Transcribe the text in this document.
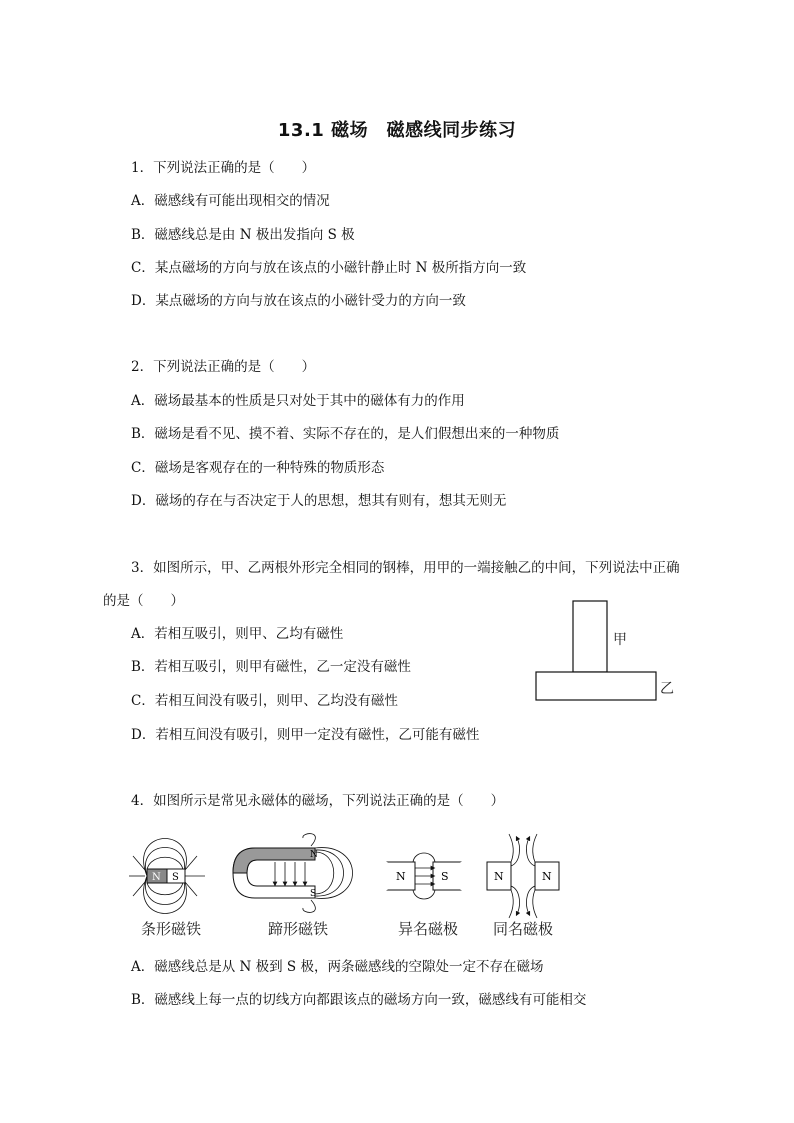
13.1 磁场　磁感线同步练习
1．下列说法正确的是（　　）
A．磁感线有可能出现相交的情况
B．磁感线总是由 N 极出发指向 S 极
C．某点磁场的方向与放在该点的小磁针静止时 N 极所指方向一致
D．某点磁场的方向与放在该点的小磁针受力的方向一致
2．下列说法正确的是（　　）
A．磁场最基本的性质是只对处于其中的磁体有力的作用
B．磁场是看不见、摸不着、实际不存在的，是人们假想出来的一种物质
C．磁场是客观存在的一种特殊的物质形态
D．磁场的存在与否决定于人的思想，想其有则有，想其无则无
3．如图所示，甲、乙两根外形完全相同的钢棒，用甲的一端接触乙的中间，下列说法中正确
的是（　　）
A．若相互吸引，则甲、乙均有磁性
B．若相互吸引，则甲有磁性，乙一定没有磁性
C．若相互间没有吸引，则甲、乙均没有磁性
D．若相互间没有吸引，则甲一定没有磁性，乙可能有磁性
甲
乙
4．如图所示是常见永磁体的磁场，下列说法正确的是（　　）
N S
条形磁铁
N
S
蹄形磁铁
N	S
异名磁极
N	N
同名磁极
A．磁感线总是从 N 极到 S 极，两条磁感线的空隙处一定不存在磁场
B．磁感线上每一点的切线方向都跟该点的磁场方向一致，磁感线有可能相交
